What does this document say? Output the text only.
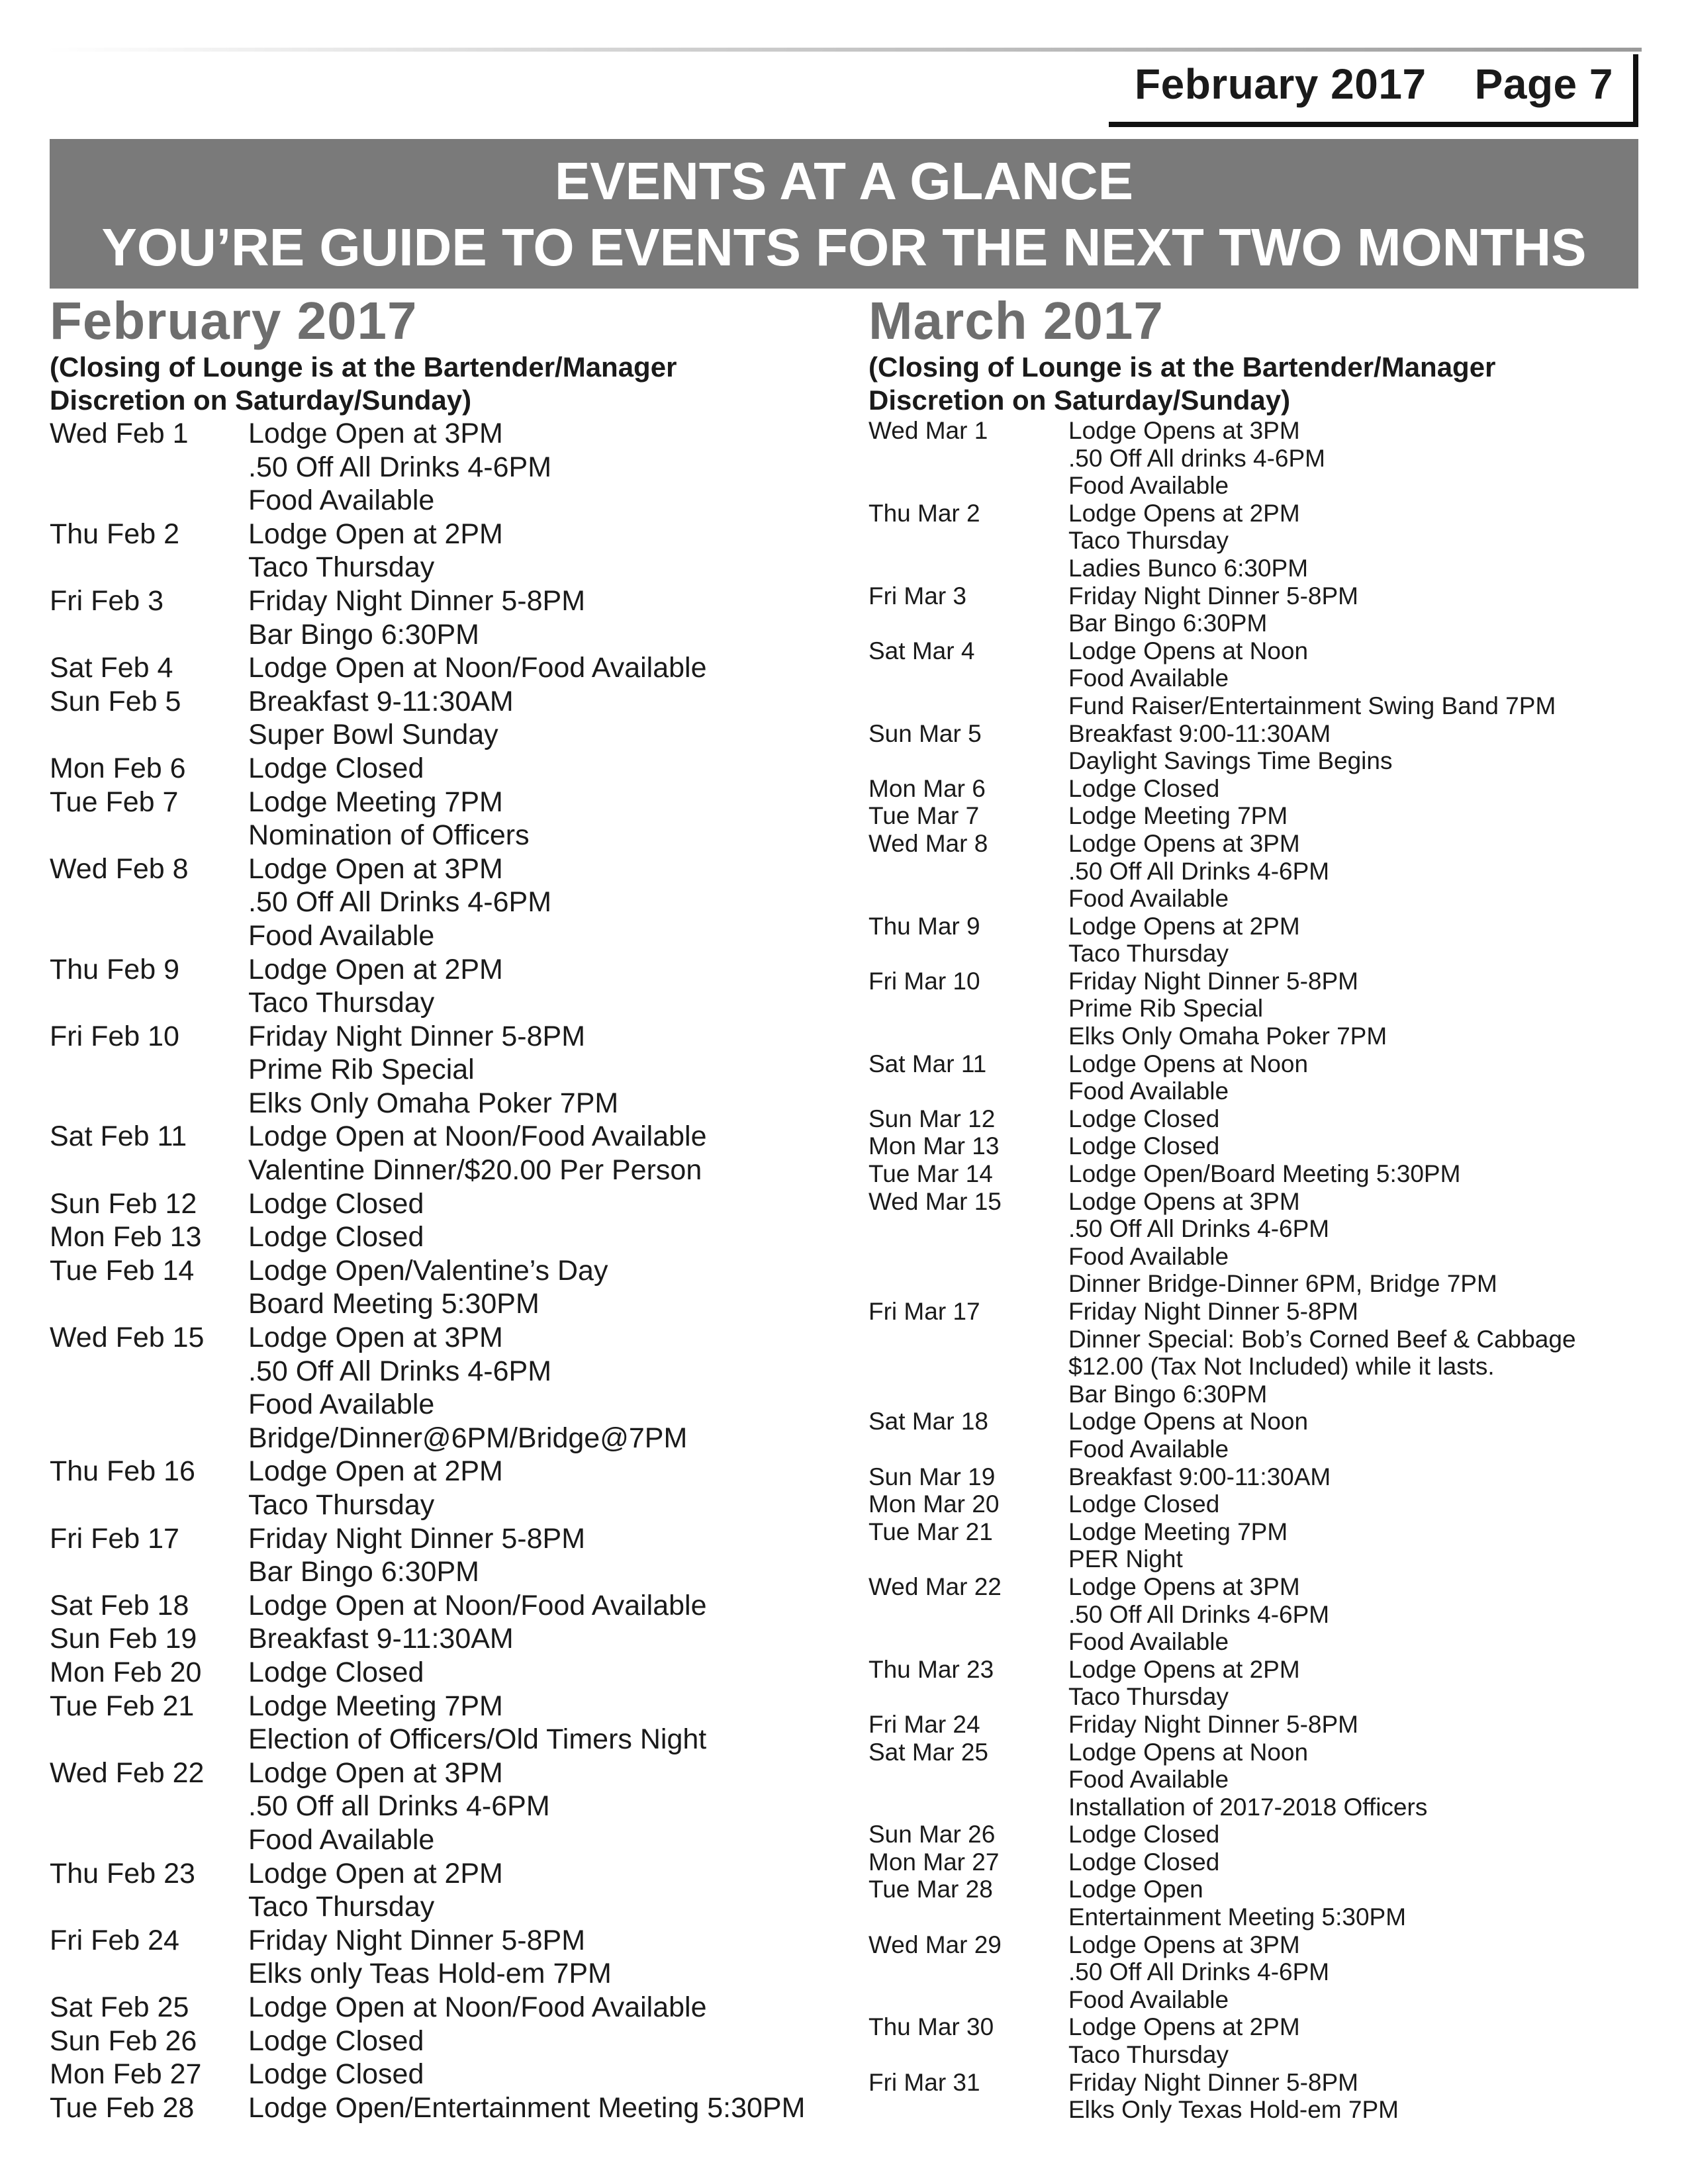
February 2017    Page 7
EVENTS AT A GLANCE
YOU’RE GUIDE TO EVENTS FOR THE NEXT TWO MONTHS
February 2017
(Closing of Lounge is at the Bartender/Manager
Discretion on Saturday/Sunday)
Wed Feb 1	Lodge Open at 3PM
.50 Off All Drinks 4-6PM
Food Available
Thu Feb 2	Lodge Open at 2PM
Taco Thursday
Fri Feb 3	Friday Night Dinner 5-8PM
Bar Bingo 6:30PM
Sat Feb 4	Lodge Open at Noon/Food Available
Sun Feb 5	Breakfast 9-11:30AM
Super Bowl Sunday
Mon Feb 6	Lodge Closed
Tue Feb 7	Lodge Meeting 7PM
Nomination of Officers
Wed Feb 8	Lodge Open at 3PM
.50 Off All Drinks 4-6PM
Food Available
Thu Feb 9	Lodge Open at 2PM
Taco Thursday
Fri Feb 10	Friday Night Dinner 5-8PM
Prime Rib Special
Elks Only Omaha Poker 7PM
Sat Feb 11	Lodge Open at Noon/Food Available
Valentine Dinner/$20.00 Per Person
Sun Feb 12	Lodge Closed
Mon Feb 13	Lodge Closed
Tue Feb 14	Lodge Open/Valentine’s Day
Board Meeting 5:30PM
Wed Feb 15	Lodge Open at 3PM
.50 Off All Drinks 4-6PM
Food Available
Bridge/Dinner@6PM/Bridge@7PM
Thu Feb 16	Lodge Open at 2PM
Taco Thursday
Fri Feb 17	Friday Night Dinner 5-8PM
Bar Bingo 6:30PM
Sat Feb 18	Lodge Open at Noon/Food Available
Sun Feb 19	Breakfast 9-11:30AM
Mon Feb 20	Lodge Closed
Tue Feb 21	Lodge Meeting 7PM
Election of Officers/Old Timers Night
Wed Feb 22	Lodge Open at 3PM
.50 Off all Drinks 4-6PM
Food Available
Thu Feb 23	Lodge Open at 2PM
Taco Thursday
Fri Feb 24	Friday Night Dinner 5-8PM
Elks only Teas Hold-em 7PM
Sat Feb 25	Lodge Open at Noon/Food Available
Sun Feb 26	Lodge Closed
Mon Feb 27	Lodge Closed
Tue Feb 28	Lodge Open/Entertainment Meeting 5:30PM
March 2017
(Closing of Lounge is at the Bartender/Manager
Discretion on Saturday/Sunday)
Wed Mar 1	Lodge Opens at 3PM
.50 Off All drinks 4-6PM
Food Available
Thu Mar 2	Lodge Opens at 2PM
Taco Thursday
Ladies Bunco 6:30PM
Fri Mar 3	Friday Night Dinner 5-8PM
Bar Bingo 6:30PM
Sat Mar 4	Lodge Opens at Noon
Food Available
Fund Raiser/Entertainment Swing Band 7PM
Sun Mar 5	Breakfast 9:00-11:30AM
Daylight Savings Time Begins
Mon Mar 6	Lodge Closed
Tue Mar 7	Lodge Meeting 7PM
Wed Mar 8	Lodge Opens at 3PM
.50 Off All Drinks 4-6PM
Food Available
Thu Mar 9	Lodge Opens at 2PM
Taco Thursday
Fri Mar 10	Friday Night Dinner 5-8PM
Prime Rib Special
Elks Only Omaha Poker 7PM
Sat Mar 11	Lodge Opens at Noon
Food Available
Sun Mar 12	Lodge Closed
Mon Mar 13	Lodge Closed
Tue Mar 14	Lodge Open/Board Meeting 5:30PM
Wed Mar 15	Lodge Opens at 3PM
.50 Off All Drinks 4-6PM
Food Available
Dinner Bridge-Dinner 6PM, Bridge 7PM
Fri Mar 17	Friday Night Dinner 5-8PM
Dinner Special: Bob’s Corned Beef & Cabbage
$12.00 (Tax Not Included) while it lasts.
Bar Bingo 6:30PM
Sat Mar 18	Lodge Opens at Noon
Food Available
Sun Mar 19	Breakfast 9:00-11:30AM
Mon Mar 20	Lodge Closed
Tue Mar 21	Lodge Meeting 7PM
PER Night
Wed Mar 22	Lodge Opens at 3PM
.50 Off All Drinks 4-6PM
Food Available
Thu Mar 23	Lodge Opens at 2PM
Taco Thursday
Fri Mar 24	Friday Night Dinner 5-8PM
Sat Mar 25	Lodge Opens at Noon
Food Available
Installation of 2017-2018 Officers
Sun Mar 26	Lodge Closed
Mon Mar 27	Lodge Closed
Tue Mar 28	Lodge Open
Entertainment Meeting 5:30PM
Wed Mar 29	Lodge Opens at 3PM
.50 Off All Drinks 4-6PM
Food Available
Thu Mar 30	Lodge Opens at 2PM
Taco Thursday
Fri Mar 31	Friday Night Dinner 5-8PM
Elks Only Texas Hold-em 7PM
